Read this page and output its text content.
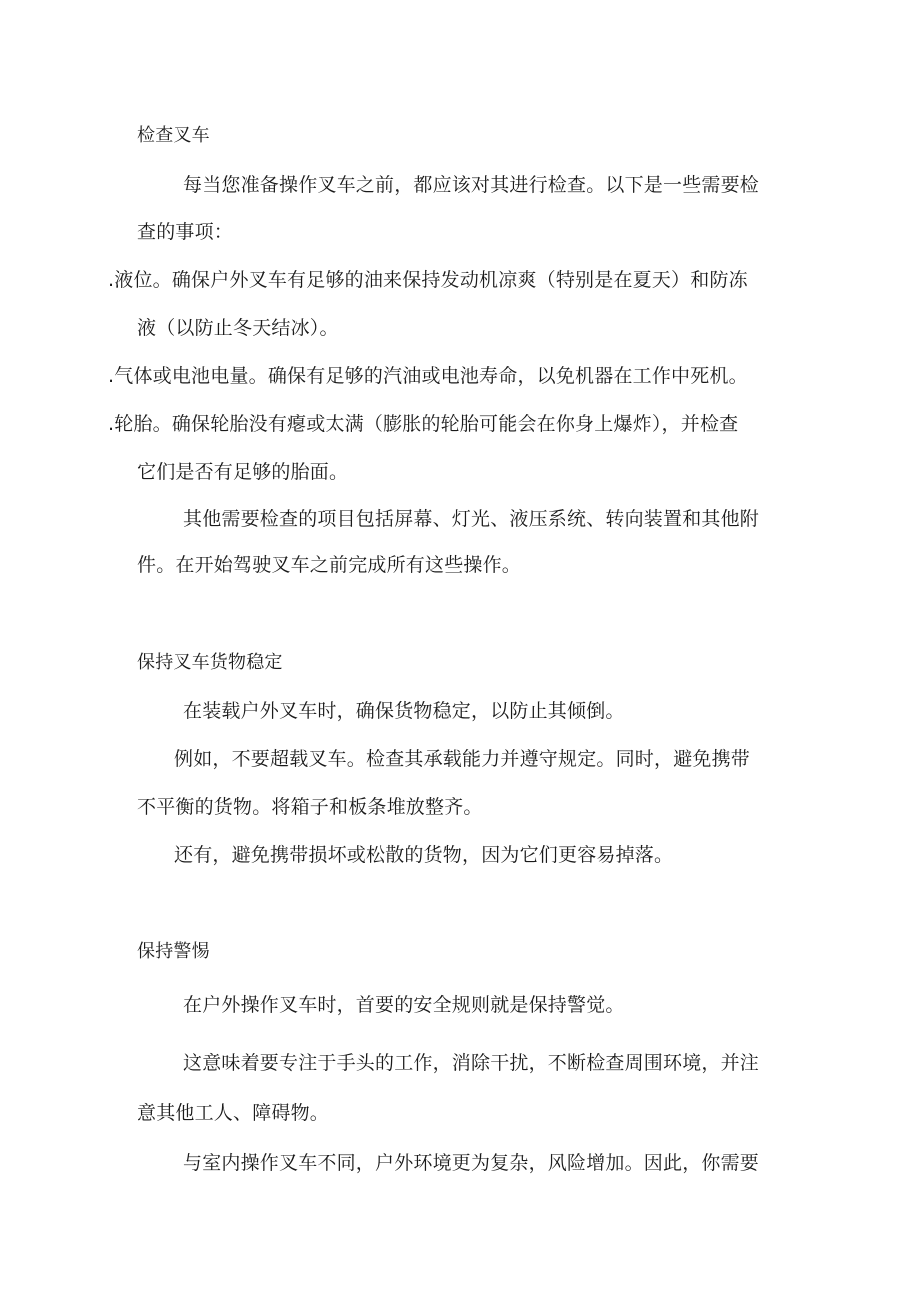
检查叉车
每当您准备操作叉车之前，都应该对其进行检查。以下是一些需要检
查的事项：
.液位。确保户外叉车有足够的油来保持发动机凉爽（特别是在夏天）和防冻
液（以防止冬天结冰）。
.气体或电池电量。确保有足够的汽油或电池寿命，以免机器在工作中死机。
.轮胎。确保轮胎没有瘪或太满（膨胀的轮胎可能会在你身上爆炸），并检查
它们是否有足够的胎面。
其他需要检查的项目包括屏幕、灯光、液压系统、转向装置和其他附
件。在开始驾驶叉车之前完成所有这些操作。
保持叉车货物稳定
在装载户外叉车时，确保货物稳定，以防止其倾倒。
例如，不要超载叉车。检查其承载能力并遵守规定。同时，避免携带
不平衡的货物。将箱子和板条堆放整齐。
还有，避免携带损坏或松散的货物，因为它们更容易掉落。
保持警惕
在户外操作叉车时，首要的安全规则就是保持警觉。
这意味着要专注于手头的工作，消除干扰，不断检查周围环境，并注
意其他工人、障碍物。
与室内操作叉车不同，户外环境更为复杂，风险增加。因此，你需要
